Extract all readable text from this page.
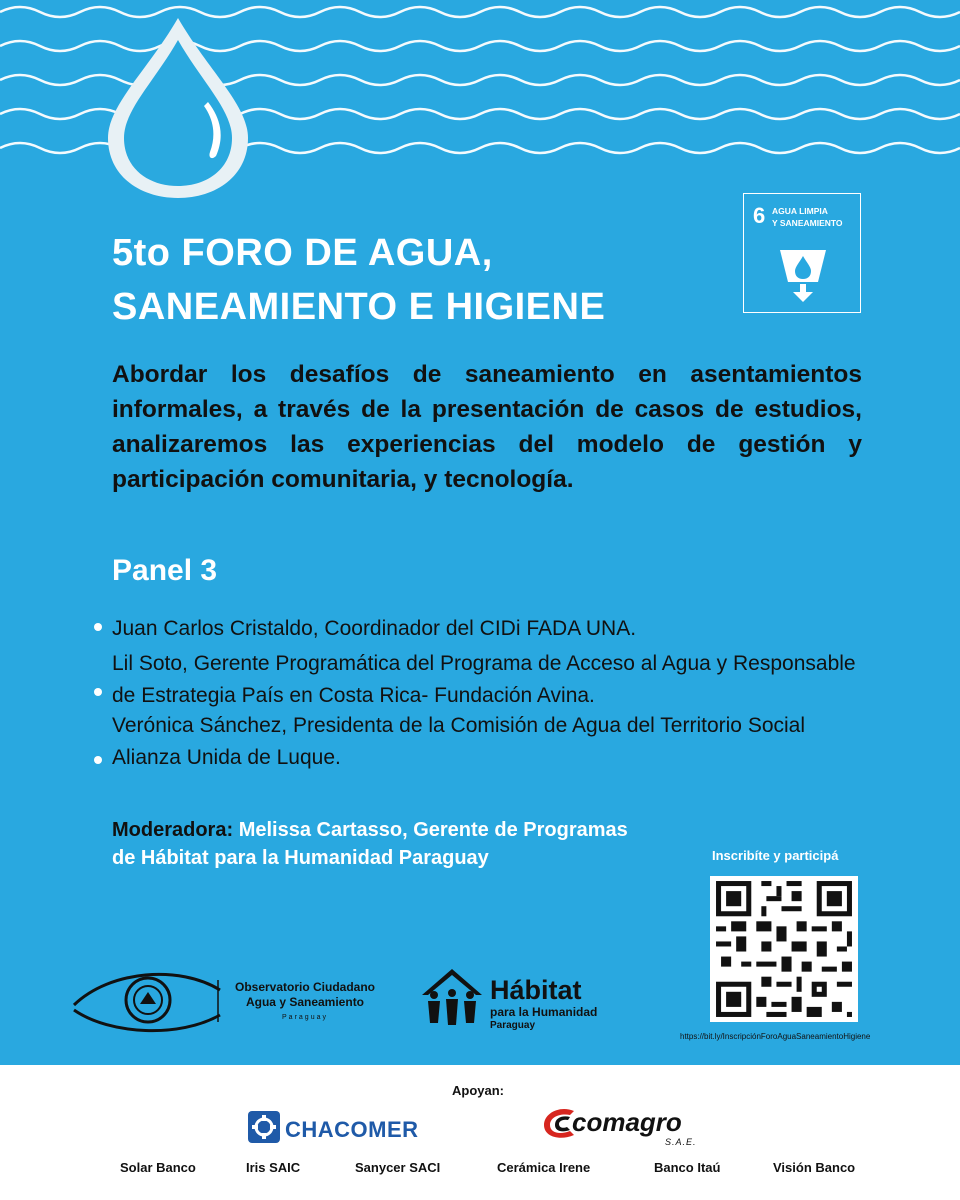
6 AGUA LIMPIA
Y SANEAMIENTO
5to FORO DE AGUA,
SANEAMIENTO E HIGIENE

Abordar los desafíos de saneamiento en asentamientos informales, a través de la presentación de casos de estudios, analizaremos las experiencias del modelo de gestión y participación comunitaria, y tecnología.

Panel 3
Juan Carlos Cristaldo, Coordinador del CIDi FADA UNA.
Lil Soto, Gerente Programática del Programa de Acceso al Agua y Responsable de Estrategia País en Costa Rica- Fundación Avina.
Verónica Sánchez, Presidenta de la Comisión de Agua del Territorio Social Alianza Unida de Luque.
Moderadora: Melissa Cartasso, Gerente de Programas de Hábitat para la Humanidad Paraguay	Inscribíte y participá
https://bit.ly/InscripciónForoAguaSaneamientoHigiene
Observatorio Ciudadano
Agua y Saneamiento
Paraguay
Hábitat
para la Humanidad
Paraguay
Apoyan:
CHACOMER	comagro
S.A.E.
Solar Banco	Iris SAIC	Sanycer SACI	Cerámica Irene	Banco Itaú	Visión Banco
